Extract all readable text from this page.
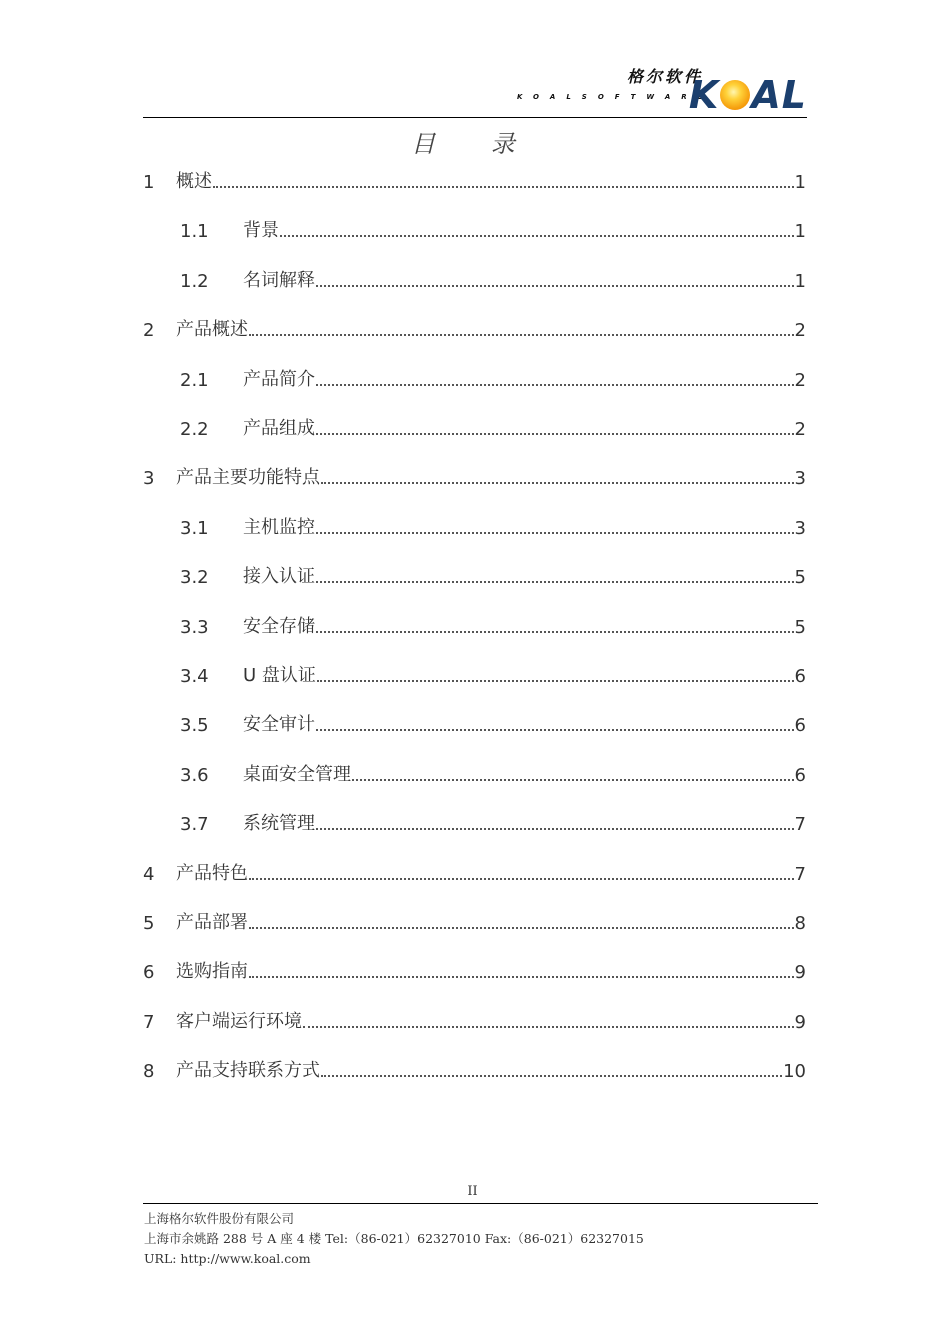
格尔软件
KOALSOFTWARE
K AL
目 录
1	概述	1
1.1	背景	1
1.2	名词解释	1
2	产品概述	2
2.1	产品简介	2
2.2	产品组成	2
3	产品主要功能特点	3
3.1	主机监控	3
3.2	接入认证	5
3.3	安全存储	5
3.4	U 盘认证	6
3.5	安全审计	6
3.6	桌面安全管理	6
3.7	系统管理	7
4	产品特色	7
5	产品部署	8
6	选购指南	9
7	客户端运行环境	9
8	产品支持联系方式	10
II
上海格尔软件股份有限公司
上海市余姚路 288 号 A 座 4 楼 Tel:（86-021）62327010 Fax:（86-021）62327015
URL: http://www.koal.com
